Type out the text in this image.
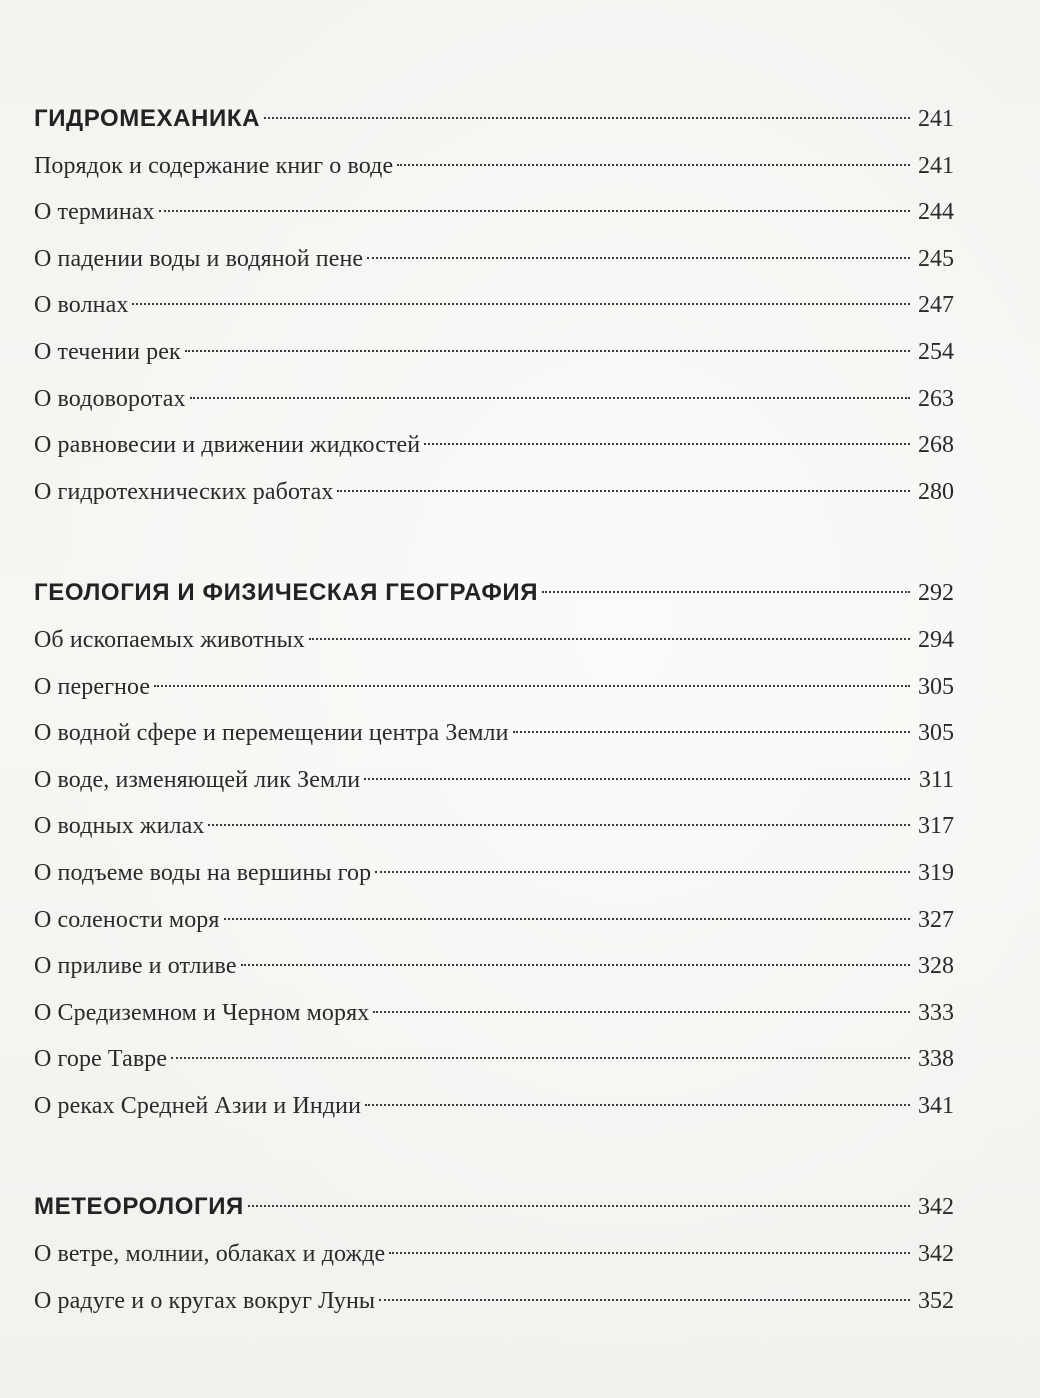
ГИДРОМЕХАНИКА	241
Порядок и содержание книг о воде	241
О терминах	244
О падении воды и водяной пене	245
О волнах	247
О течении рек	254
О водоворотах	263
О равновесии и движении жидкостей	268
О гидротехнических работах	280
ГЕОЛОГИЯ И ФИЗИЧЕСКАЯ ГЕОГРАФИЯ	292
Об ископаемых животных	294
О перегное	305
О водной сфере и перемещении центра Земли	305
О воде, изменяющей лик Земли	311
О водных жилах	317
О подъеме воды на вершины гор	319
О солености моря	327
О приливе и отливе	328
О Средиземном и Черном морях	333
О горе Тавре	338
О реках Средней Азии и Индии	341
МЕТЕОРОЛОГИЯ	342
О ветре, молнии, облаках и дожде	342
О радуге и о кругах вокруг Луны	352
